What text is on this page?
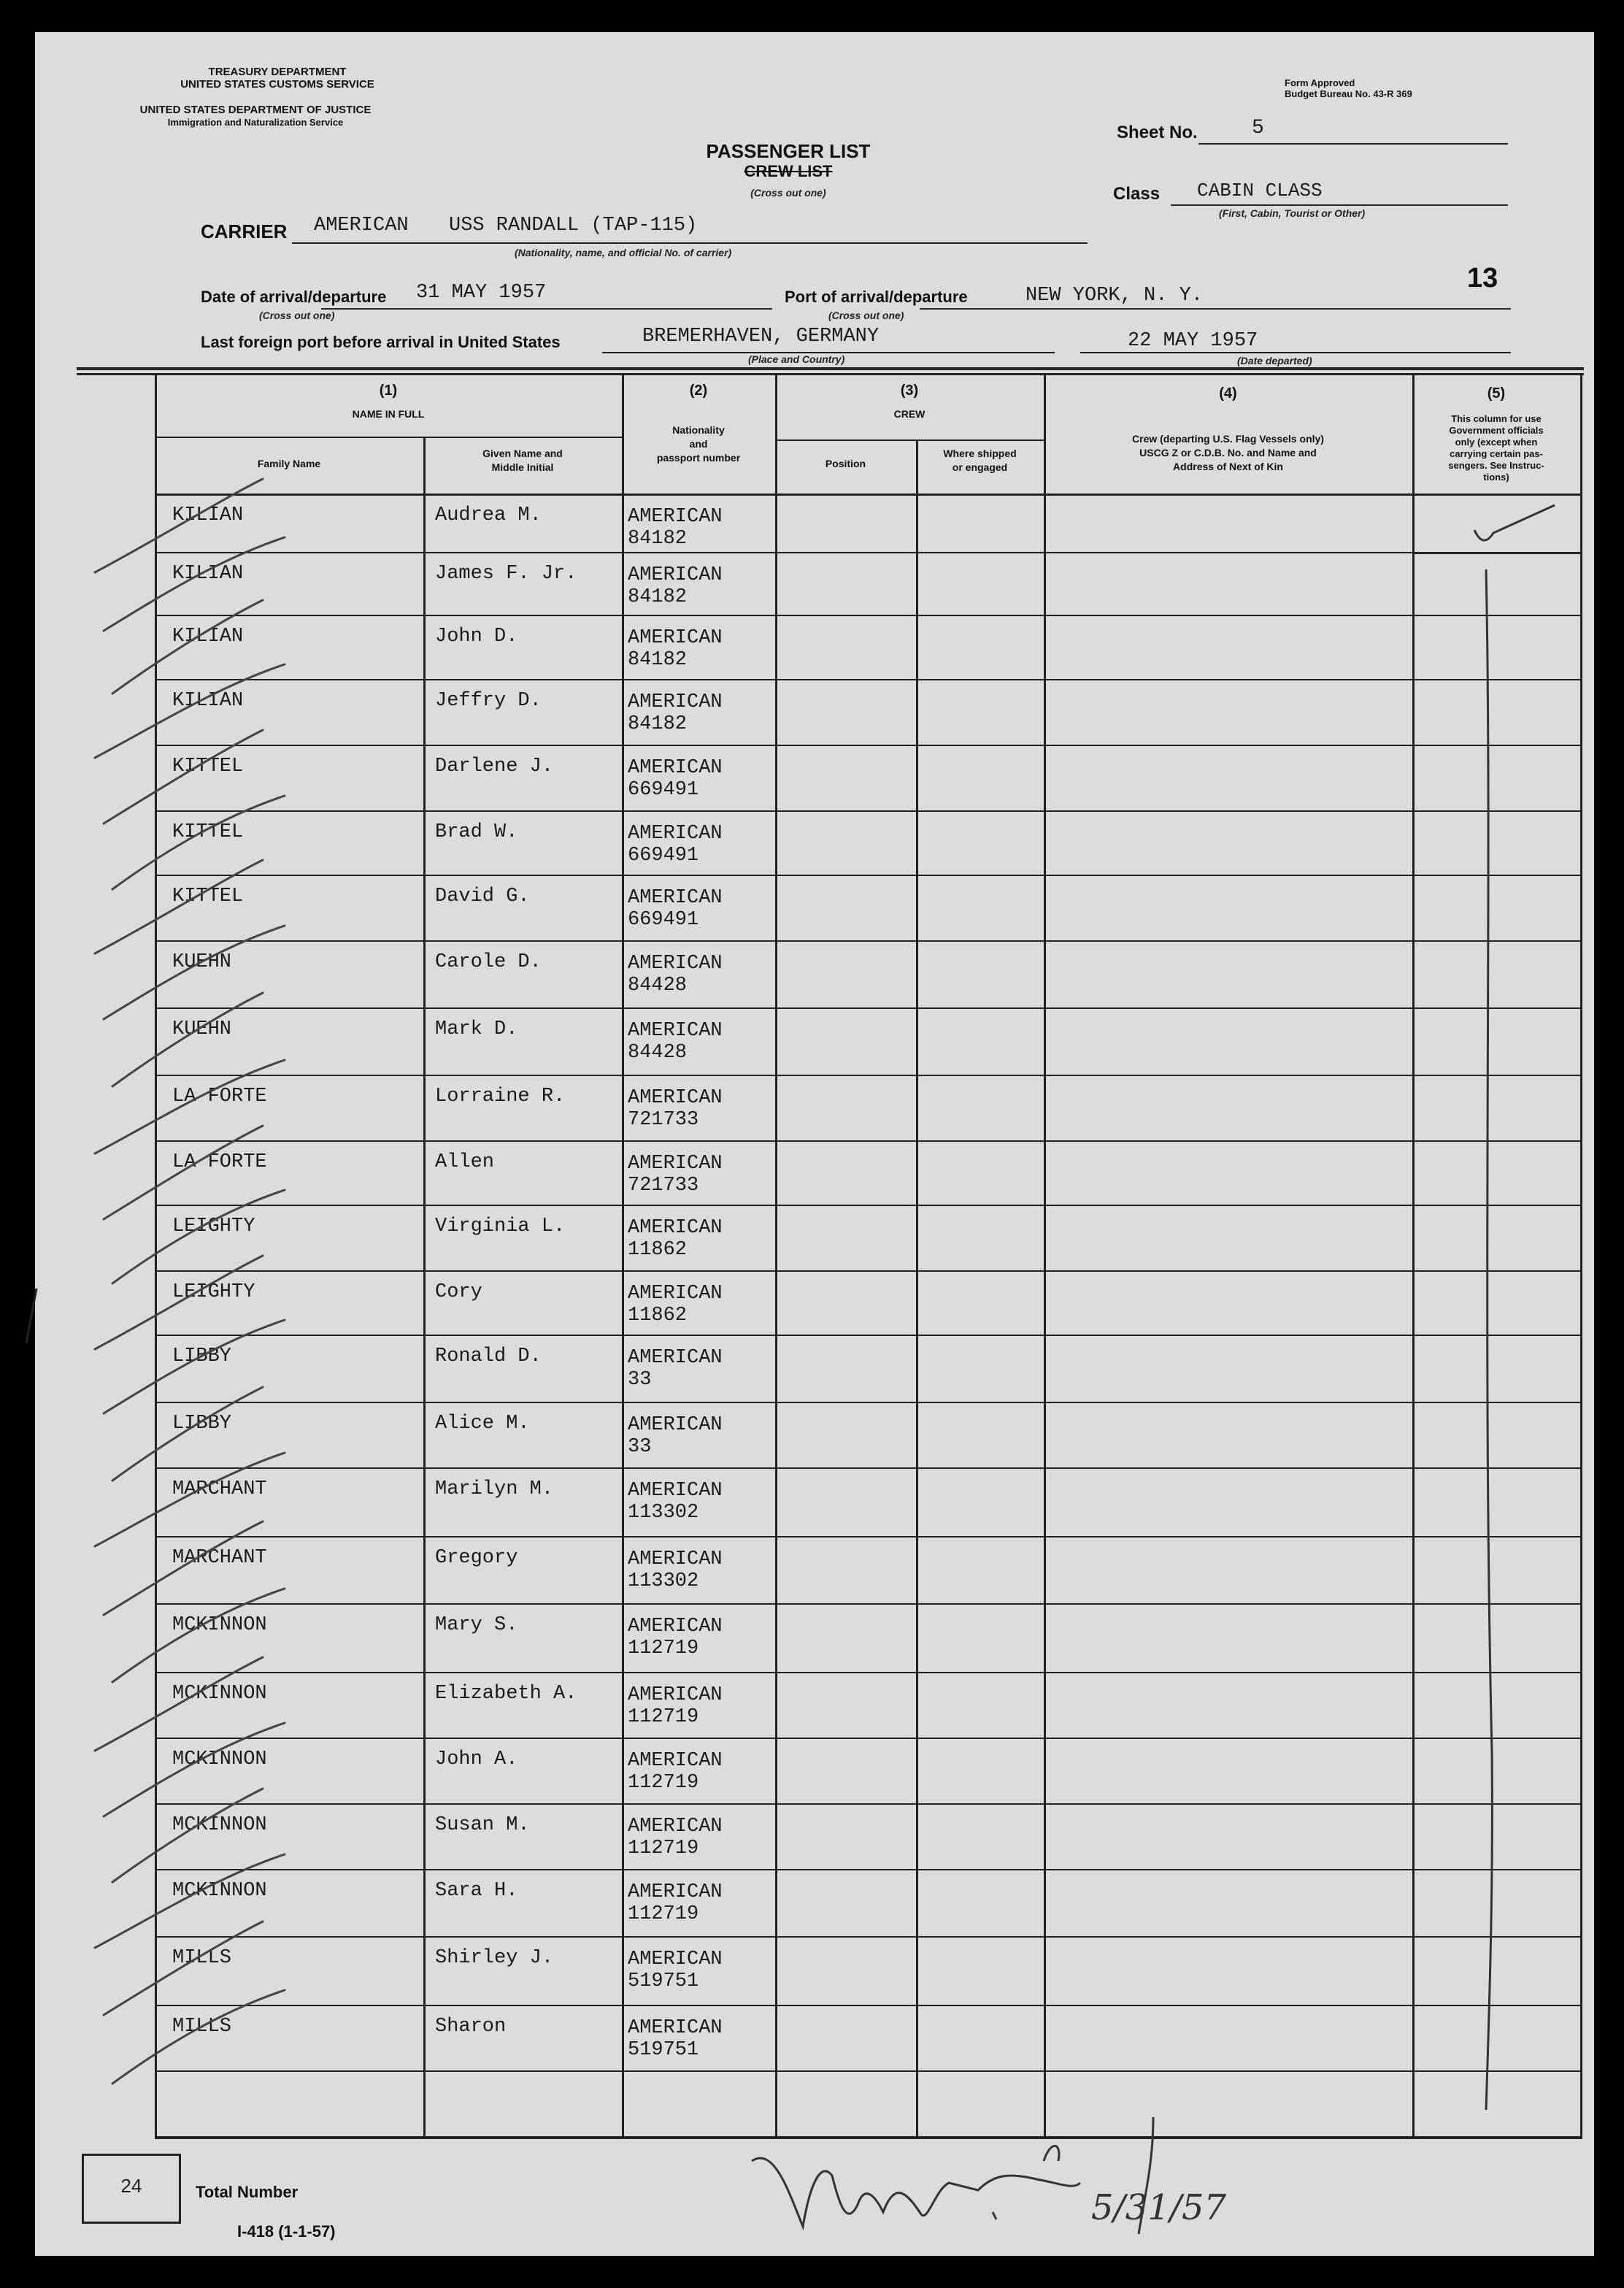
TREASURY DEPARTMENT
UNITED STATES CUSTOMS SERVICE
UNITED STATES DEPARTMENT OF JUSTICE
Immigration and Naturalization Service
Form Approved
Budget Bureau No. 43-R 369
PASSENGER LIST
CREW LIST
(Cross out one)
Sheet No.	5
Class CABIN CLASS
(First, Cabin, Tourist or Other)
CARRIER AMERICAN USS RANDALL (TAP-115)
(Nationality, name, and official No. of carrier)
13
Date of arrival/departure 31 MAY 1957
(Cross out one)
Port of arrival/departure	NEW YORK, N. Y.
(Cross out one)
Last foreign port before arrival in United States	BREMERHAVEN, GERMANY
(Place and Country)
22 MAY 1957
(Date departed)
(1)
NAME IN FULL
Family Name
Given Name and
Middle Initial
(2)
Nationality
and
passport number
(3)
CREW
Position
Where shipped
or engaged
(4)
Crew (departing U.S. Flag Vessels only)
USCG Z or C.D.B. No. and Name and
Address of Next of Kin
(5)
This column for use
Government officials
only (except when
carrying certain pas-
sengers. See Instruc-
tions)
KILIAN	Audrea M.	AMERICAN
84182
KILIAN	James F. Jr.	AMERICAN
84182
KILIAN	John D.	AMERICAN
84182
KILIAN	Jeffry D.	AMERICAN
84182
KITTEL	Darlene J.	AMERICAN
669491
KITTEL	Brad W.	AMERICAN
669491
KITTEL	David G.	AMERICAN
669491
KUEHN	Carole D.	AMERICAN
84428
KUEHN	Mark D.	AMERICAN
84428
LA FORTE	Lorraine R.	AMERICAN
721733
LA FORTE	Allen	AMERICAN
721733
LEIGHTY	Virginia L.	AMERICAN
11862
LEIGHTY	Cory	AMERICAN
11862
LIBBY	Ronald D.	AMERICAN
33
LIBBY	Alice M.	AMERICAN
33
MARCHANT	Marilyn M.	AMERICAN
113302
MARCHANT	Gregory	AMERICAN
113302
MCKINNON	Mary S.	AMERICAN
112719
MCKINNON	Elizabeth A.	AMERICAN
112719
MCKINNON	John A.	AMERICAN
112719
MCKINNON	Susan M.	AMERICAN
112719
MCKINNON	Sara H.	AMERICAN
112719
MILLS	Shirley J.	AMERICAN
519751
MILLS	Sharon	AMERICAN
519751
24	Total Number
I-418 (1-1-57)
5/31/57
